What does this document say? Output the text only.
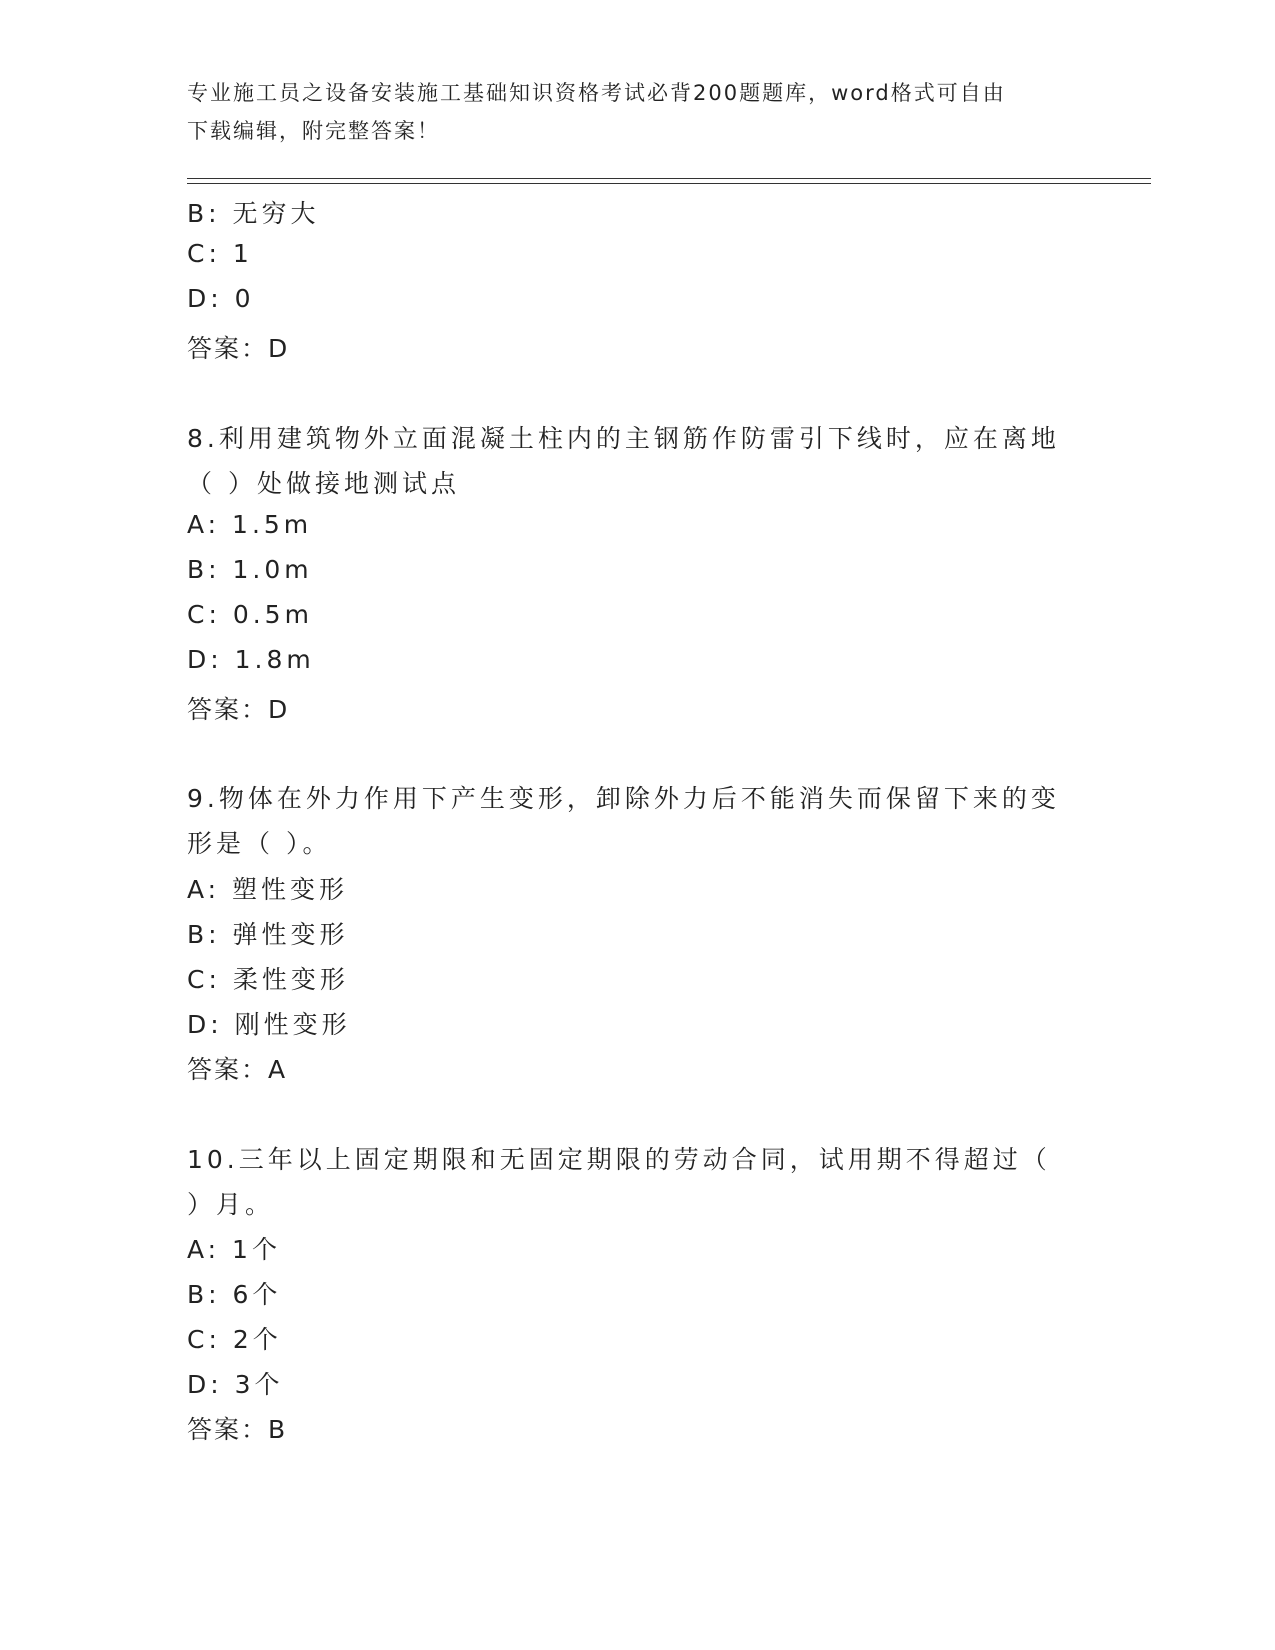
专业施工员之设备安装施工基础知识资格考试必背200题题库，word格式可自由
下载编辑，附完整答案！
B: 无穷大
C: 1
D: 0
答案：D
8.利用建筑物外立面混凝土柱内的主钢筋作防雷引下线时，应在离地
（ ）处做接地测试点
A: 1.5m
B: 1.0m
C: 0.5m
D: 1.8m
答案：D
9.物体在外力作用下产生变形，卸除外力后不能消失而保留下来的变
形是（ ）。
A: 塑性变形
B: 弹性变形
C: 柔性变形
D: 刚性变形
答案：A
10.三年以上固定期限和无固定期限的劳动合同，试用期不得超过（
）月。
A: 1个
B: 6个
C: 2个
D: 3个
答案：B
